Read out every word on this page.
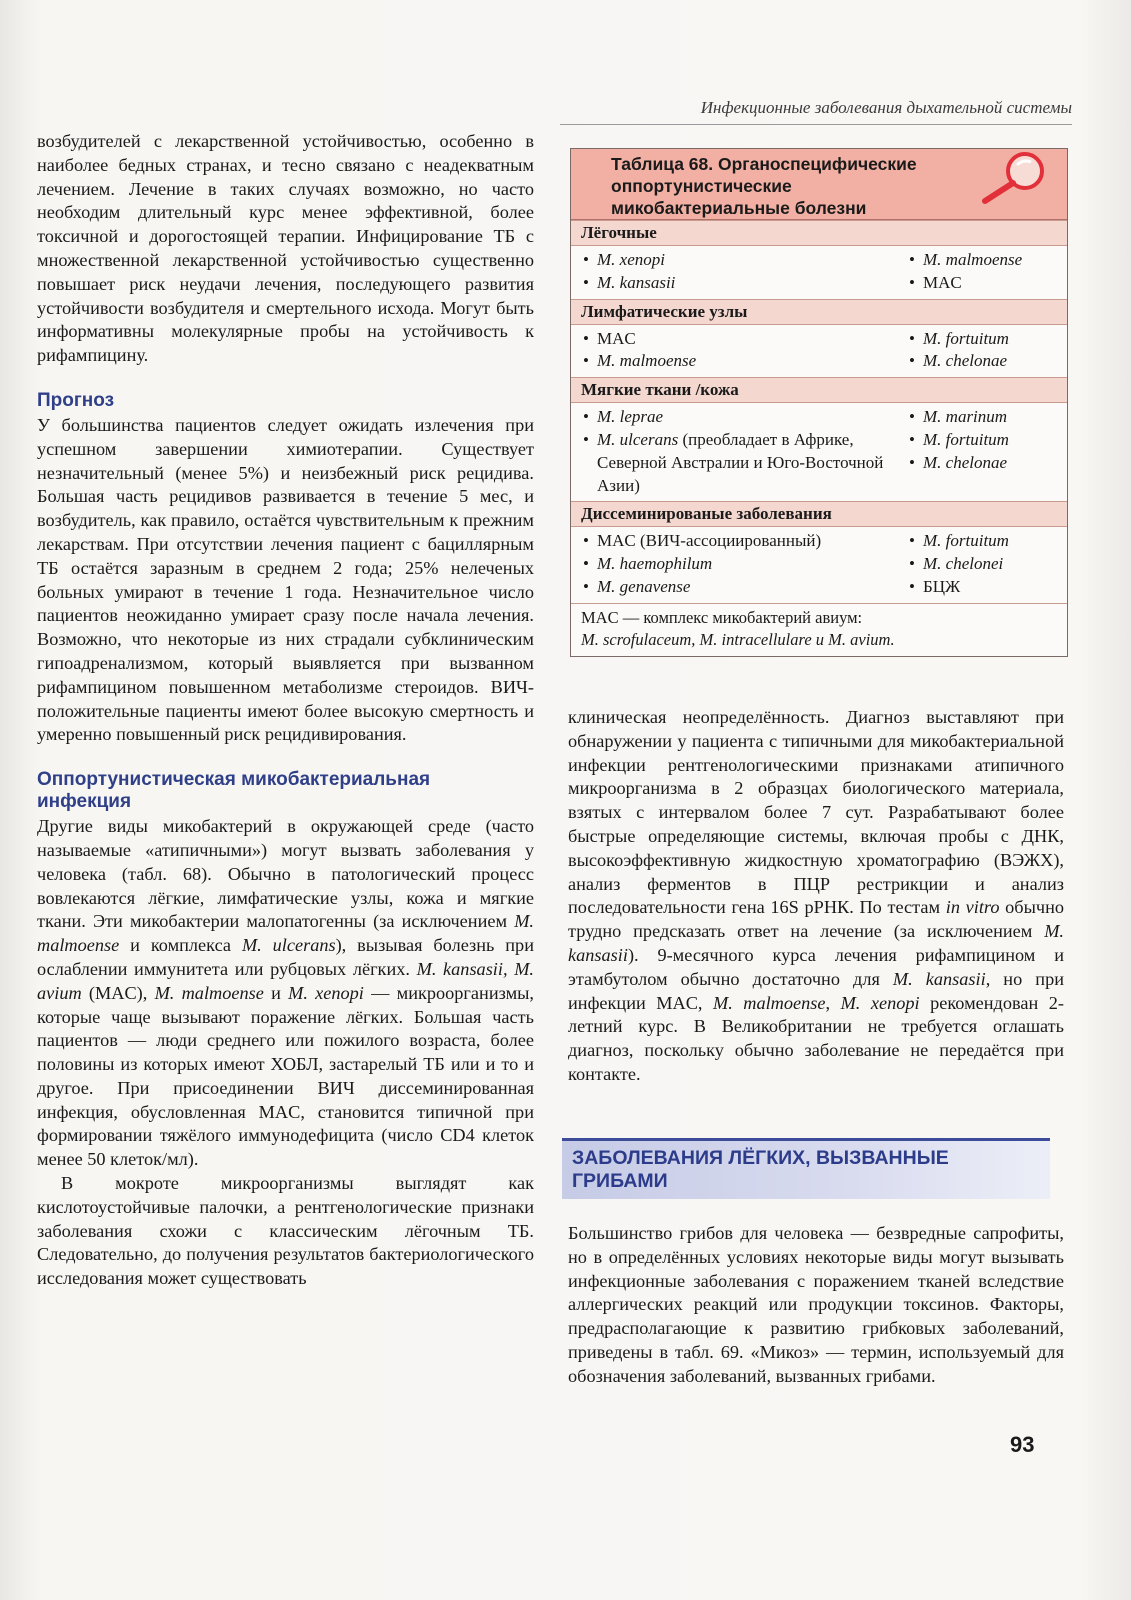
Инфекционные заболевания дыхательной системы

возбудителей с лекарственной устойчивостью, особенно в наиболее бедных странах, и тесно связано с неадекватным лечением. Лечение в таких случаях возможно, но часто необходим длительный курс менее эффективной, более токсичной и дорогостоящей терапии. Инфицирование ТБ с множественной лекарственной устойчивостью существенно повышает риск неудачи лечения, последующего развития устойчивости возбудителя и смертельного исхода. Могут быть информативны молекулярные пробы на устойчивость к рифампицину.

Прогноз

У большинства пациентов следует ожидать излечения при успешном завершении химиотерапии. Существует незначительный (менее 5%) и неизбежный риск рецидива. Большая часть рецидивов развивается в течение 5 мес, и возбудитель, как правило, остаётся чувствительным к прежним лекарствам. При отсутствии лечения пациент с бациллярным ТБ остаётся заразным в среднем 2 года; 25% нелеченых больных умирают в течение 1 года. Незначительное число пациентов неожиданно умирает сразу после начала лечения. Возможно, что некоторые из них страдали субклиническим гипоадренализмом, который выявляется при вызванном рифампицином повышенном метаболизме стероидов. ВИЧ-положительные пациенты имеют более высокую смертность и умеренно повышенный риск рецидивирования.

Оппортунистическая микобактериальная
инфекция

Другие виды микобактерий в окружающей среде (часто называемые «атипичными») могут вызвать заболевания у человека (табл. 68). Обычно в патологический процесс вовлекаются лёгкие, лимфатические узлы, кожа и мягкие ткани. Эти микобактерии малопатогенны (за исключением M. malmoense и комплекса M. ulcerans), вызывая болезнь при ослаблении иммунитета или рубцовых лёгких. M. kansasii, M. avium (MAC), M. malmoense и M. xenopi — микроорганизмы, которые чаще вызывают поражение лёгких. Большая часть пациентов — люди среднего или пожилого возраста, более половины из которых имеют ХОБЛ, застарелый ТБ или и то и другое. При присоединении ВИЧ диссеминированная инфекция, обусловленная MAC, становится типичной при формировании тяжёлого иммунодефицита (число CD4 клеток менее 50 клеток/мл).

В мокроте микроорганизмы выглядят как кислотоустойчивые палочки, а рентгенологические признаки заболевания схожи с классическим лёгочным ТБ. Следовательно, до получения результатов бактериологического исследования может существовать

Таблица 68. Органоспецифические
оппортунистические
микобактериальные болезни
Лёгочные
• M. xenopi
• M. kansasii
• M. malmoense
• MAC
Лимфатические узлы
• MAC
• M. malmoense
• M. fortuitum
• M. chelonae
Мягкие ткани /кожа
• M. leprae
• M. ulcerans (преобладает в Африке, Северной Австралии и Юго-Восточной Азии)
• M. marinum
• M. fortuitum
• M. chelonae
Диссеминированые заболевания
• MAC (ВИЧ-ассоциированный)
• M. haemophilum
• M. genavense
• M. fortuitum
• M. chelonei
• БЦЖ
MAC — комплекс микобактерий авиум:
M. scrofulaceum, M. intracellulare и M. avium.

клиническая неопределённость. Диагноз выставляют при обнаружении у пациента с типичными для микобактериальной инфекции рентгенологическими признаками атипичного микроорганизма в 2 образцах биологического материала, взятых с интервалом более 7 сут. Разрабатывают более быстрые определяющие системы, включая пробы с ДНК, высокоэффективную жидкостную хроматографию (ВЭЖХ), анализ ферментов в ПЦР рестрикции и анализ последовательности гена 16S рРНК. По тестам in vitro обычно трудно предсказать ответ на лечение (за исключением M. kansasii). 9-месячного курса лечения рифампицином и этамбутолом обычно достаточно для M. kansasii, но при инфекции MAC, M. malmoense, M. xenopi рекомендован 2-летний курс. В Великобритании не требуется оглашать диагноз, поскольку обычно заболевание не передаётся при контакте.

ЗАБОЛЕВАНИЯ ЛЁГКИХ, ВЫЗВАННЫЕ
ГРИБАМИ

Большинство грибов для человека — безвредные сапрофиты, но в определённых условиях некоторые виды могут вызывать инфекционные заболевания с поражением тканей вследствие аллергических реакций или продукции токсинов. Факторы, предрасполагающие к развитию грибковых заболеваний, приведены в табл. 69. «Микоз» — термин, используемый для обозначения заболеваний, вызванных грибами.

93
